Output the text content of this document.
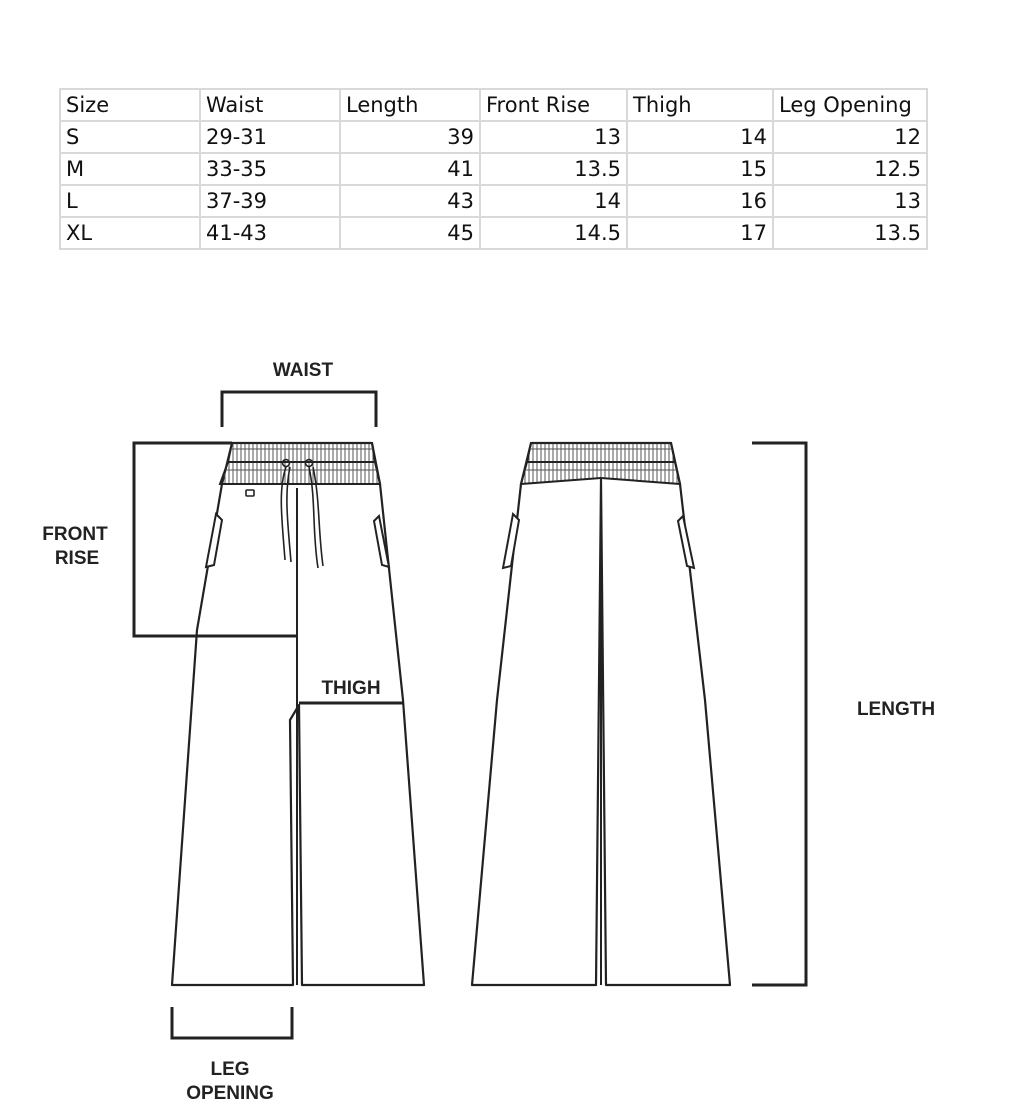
Size	Waist	Length	Front Rise	Thigh	Leg Opening
S	29-31	39	13	14	12
M	33-35	41	13.5	15	12.5
L	37-39	43	14	16	13
XL	41-43	45	14.5	17	13.5
WAIST
FRONT
RISE
THIGH
LENGTH
LEG
OPENING
